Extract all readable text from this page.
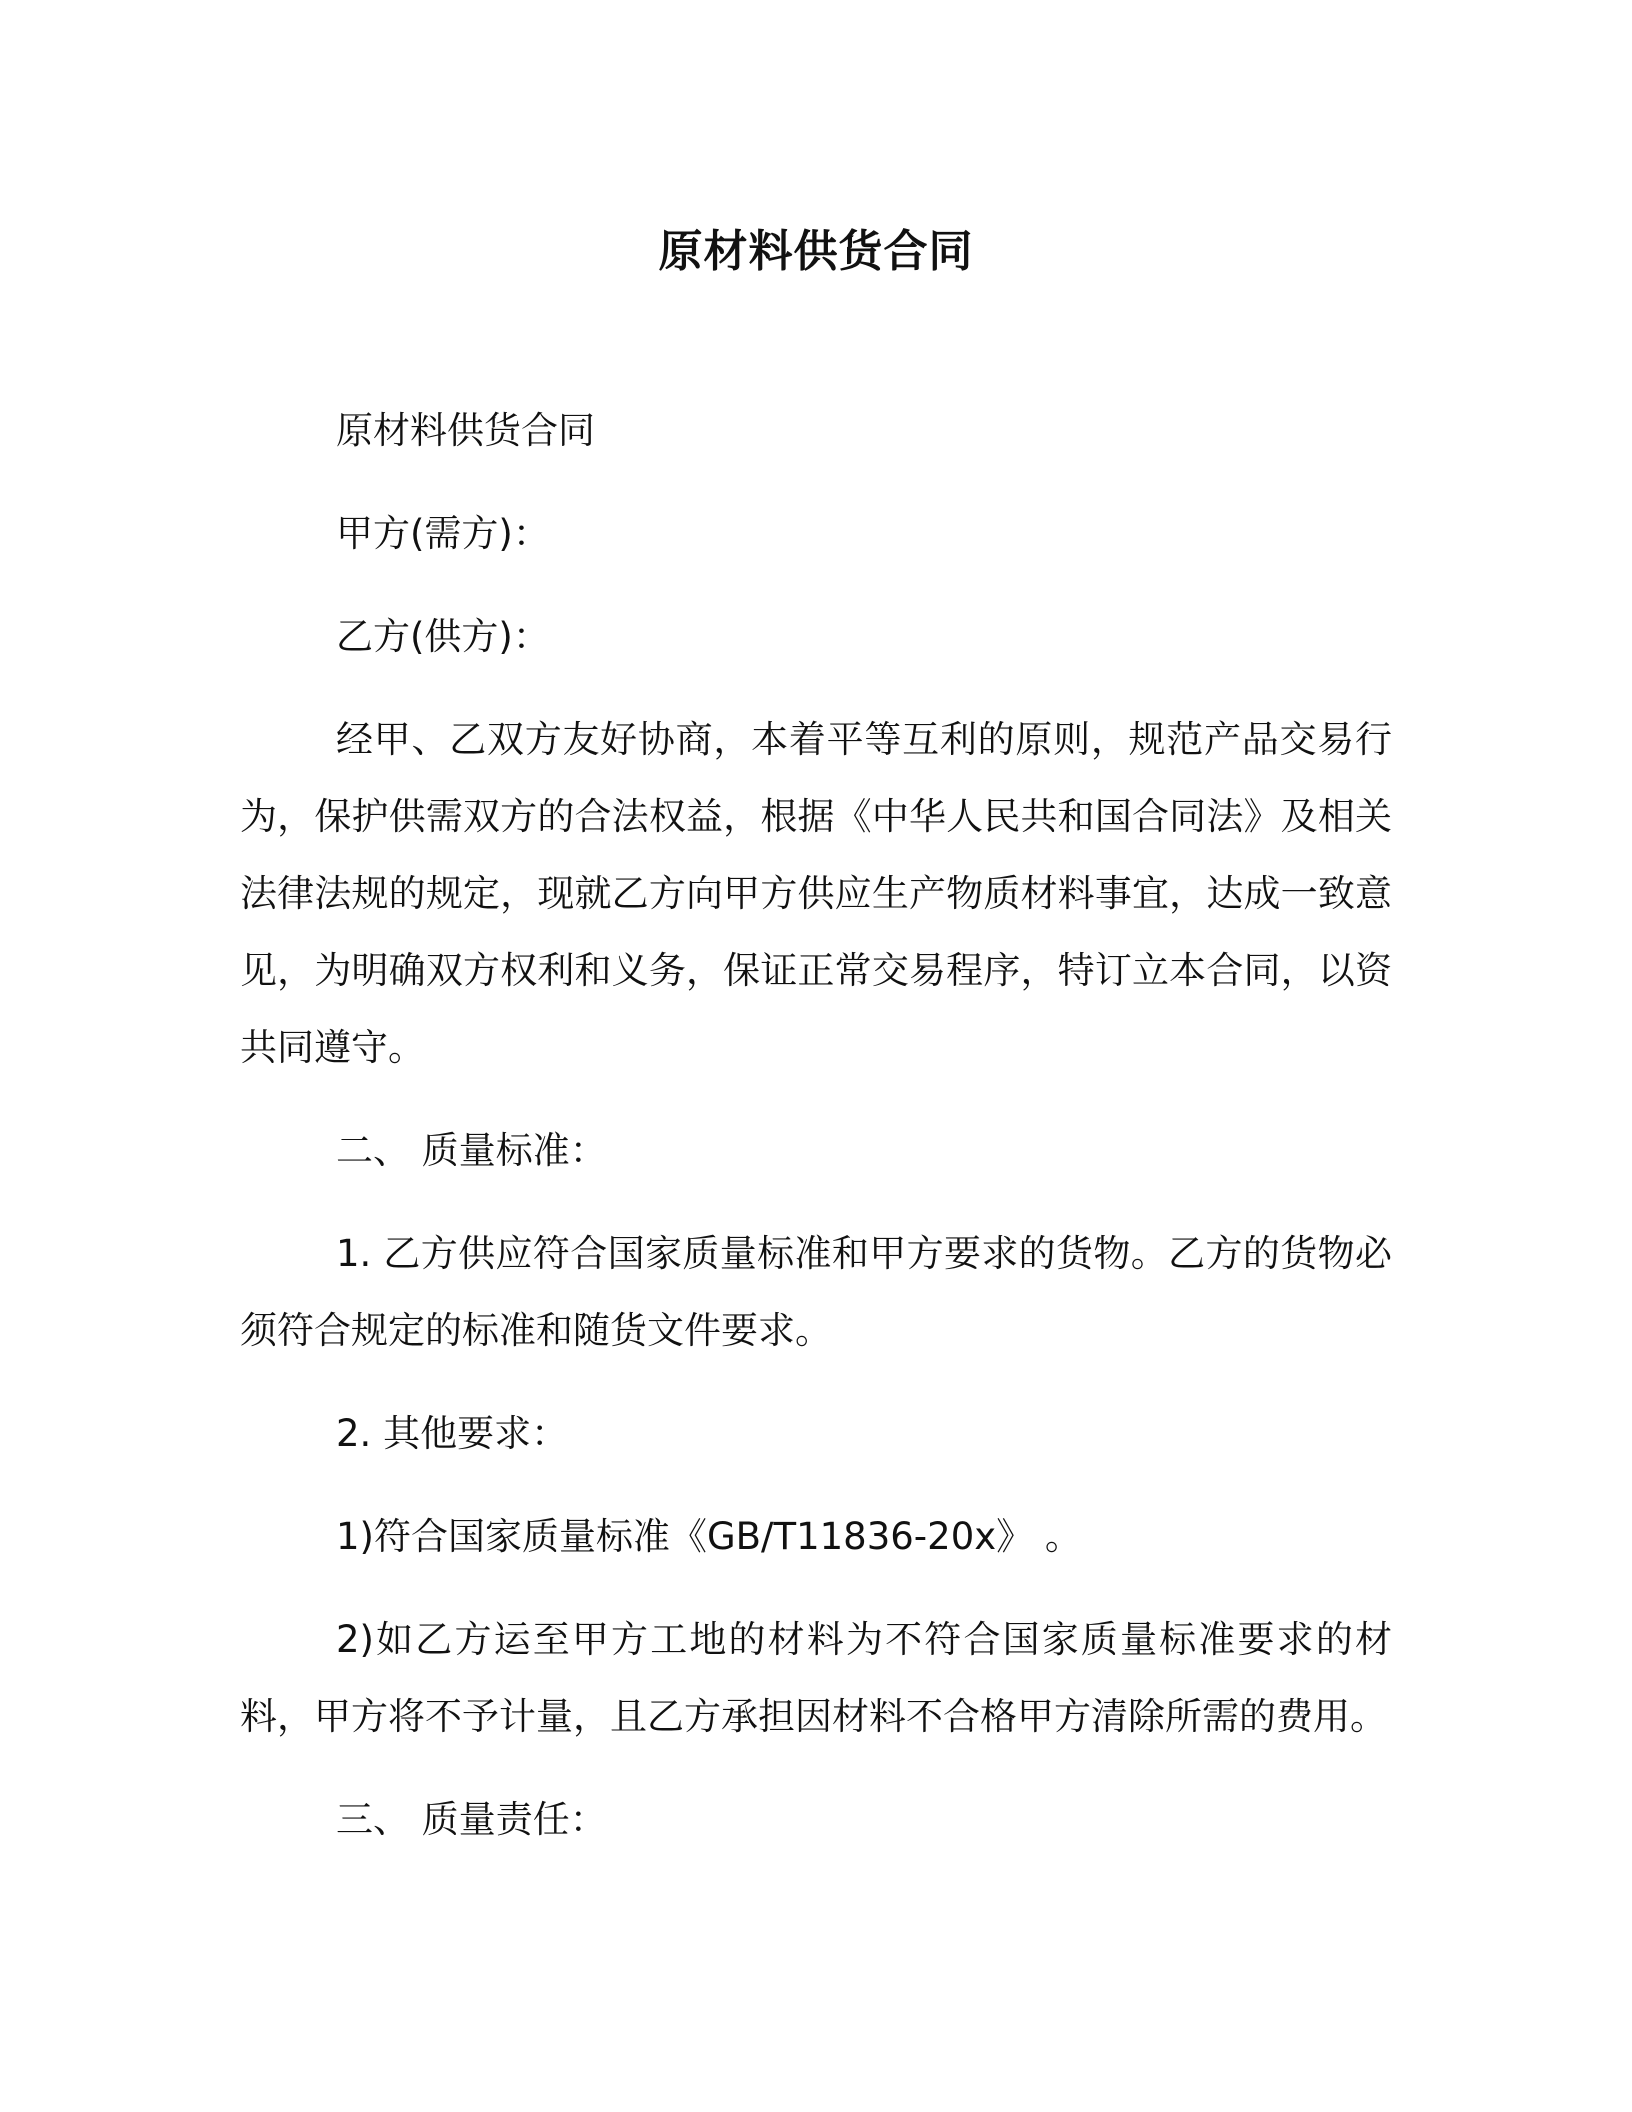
原材料供货合同

原材料供货合同

甲方(需方)：

乙方(供方)：

经甲、乙双方友好协商，本着平等互利的原则，规范产品交易行为，保护供需双方的合法权益，根据《中华人民共和国合同法》及相关法律法规的规定，现就乙方向甲方供应生产物质材料事宜，达成一致意见，为明确双方权利和义务，保证正常交易程序，特订立本合同，以资共同遵守。

二、 质量标准：

1. 乙方供应符合国家质量标准和甲方要求的货物。乙方的货物必须符合规定的标准和随货文件要求。

2. 其他要求：

1)符合国家质量标准《GB/T11836-20x》 。

2)如乙方运至甲方工地的材料为不符合国家质量标准要求的材料，甲方将不予计量，且乙方承担因材料不合格甲方清除所需的费用。

三、 质量责任：
